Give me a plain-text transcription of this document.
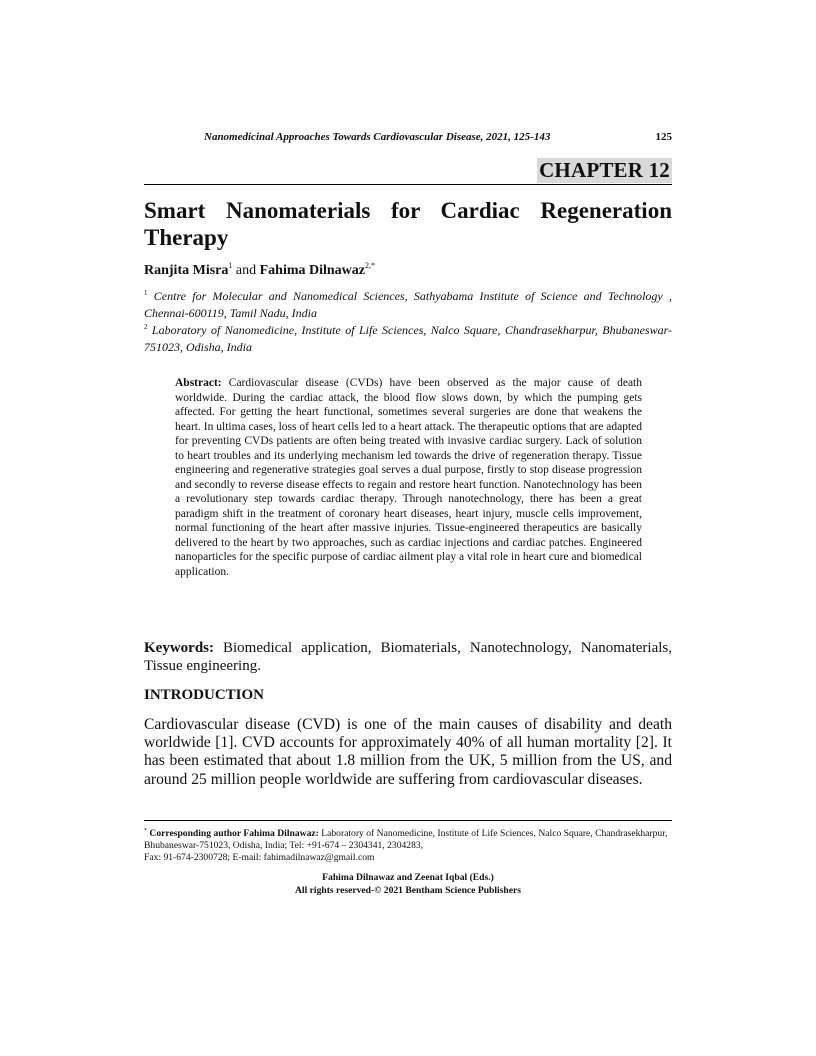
Nanomedicinal Approaches Towards Cardiovascular Disease, 2021, 125-143	125
CHAPTER 12
Smart Nanomaterials for Cardiac Regeneration Therapy
Ranjita Misra$^1$ and Fahima Dilnawaz$^{2,*}$

$^1$ Centre for Molecular and Nanomedical Sciences, Sathyabama Institute of Science and Technology , Chennai-600119, Tamil Nadu, India

$^2$ Laboratory of Nanomedicine, Institute of Life Sciences, Nalco Square, Chandrasekharpur, Bhubaneswar-751023, Odisha, India

Abstract: Cardiovascular disease (CVDs) have been observed as the major cause of death worldwide. During the cardiac attack, the blood flow slows down, by which the pumping gets affected. For getting the heart functional, sometimes several surgeries are done that weakens the heart. In ultima cases, loss of heart cells led to a heart attack. The therapeutic options that are adapted for preventing CVDs patients are often being treated with invasive cardiac surgery. Lack of solution to heart troubles and its underlying mechanism led towards the drive of regeneration therapy. Tissue engineering and regenerative strategies goal serves a dual purpose, firstly to stop disease progression and secondly to reverse disease effects to regain and restore heart function. Nanotechnology has been a revolutionary step towards cardiac therapy. Through nanotechnology, there has been a great paradigm shift in the treatment of coronary heart diseases, heart injury, muscle cells improvement, normal functioning of the heart after massive injuries. Tissue-engineered therapeutics are basically delivered to the heart by two approaches, such as cardiac injections and cardiac patches. Engineered nanoparticles for the specific purpose of cardiac ailment play a vital role in heart cure and biomedical application.

Keywords: Biomedical application, Biomaterials, Nanotechnology, Nanomaterials, Tissue engineering.

INTRODUCTION

Cardiovascular disease (CVD) is one of the main causes of disability and death worldwide [1]. CVD accounts for approximately 40% of all human mortality [2]. It has been estimated that about 1.8 million from the UK, 5 million from the US, and around 25 million people worldwide are suffering from cardiovascular diseases.

* Corresponding author Fahima Dilnawaz: Laboratory of Nanomedicine, Institute of Life Sciences, Nalco Square, Chandrasekharpur, Bhubaneswar-751023, Odisha, India; Tel: +91-674 – 2304341, 2304283,
Fax: 91-674-2300728; E-mail: fahimadilnawaz@gmail.com

Fahima Dilnawaz and Zeenat Iqbal (Eds.)
All rights reserved-© 2021 Bentham Science Publishers
